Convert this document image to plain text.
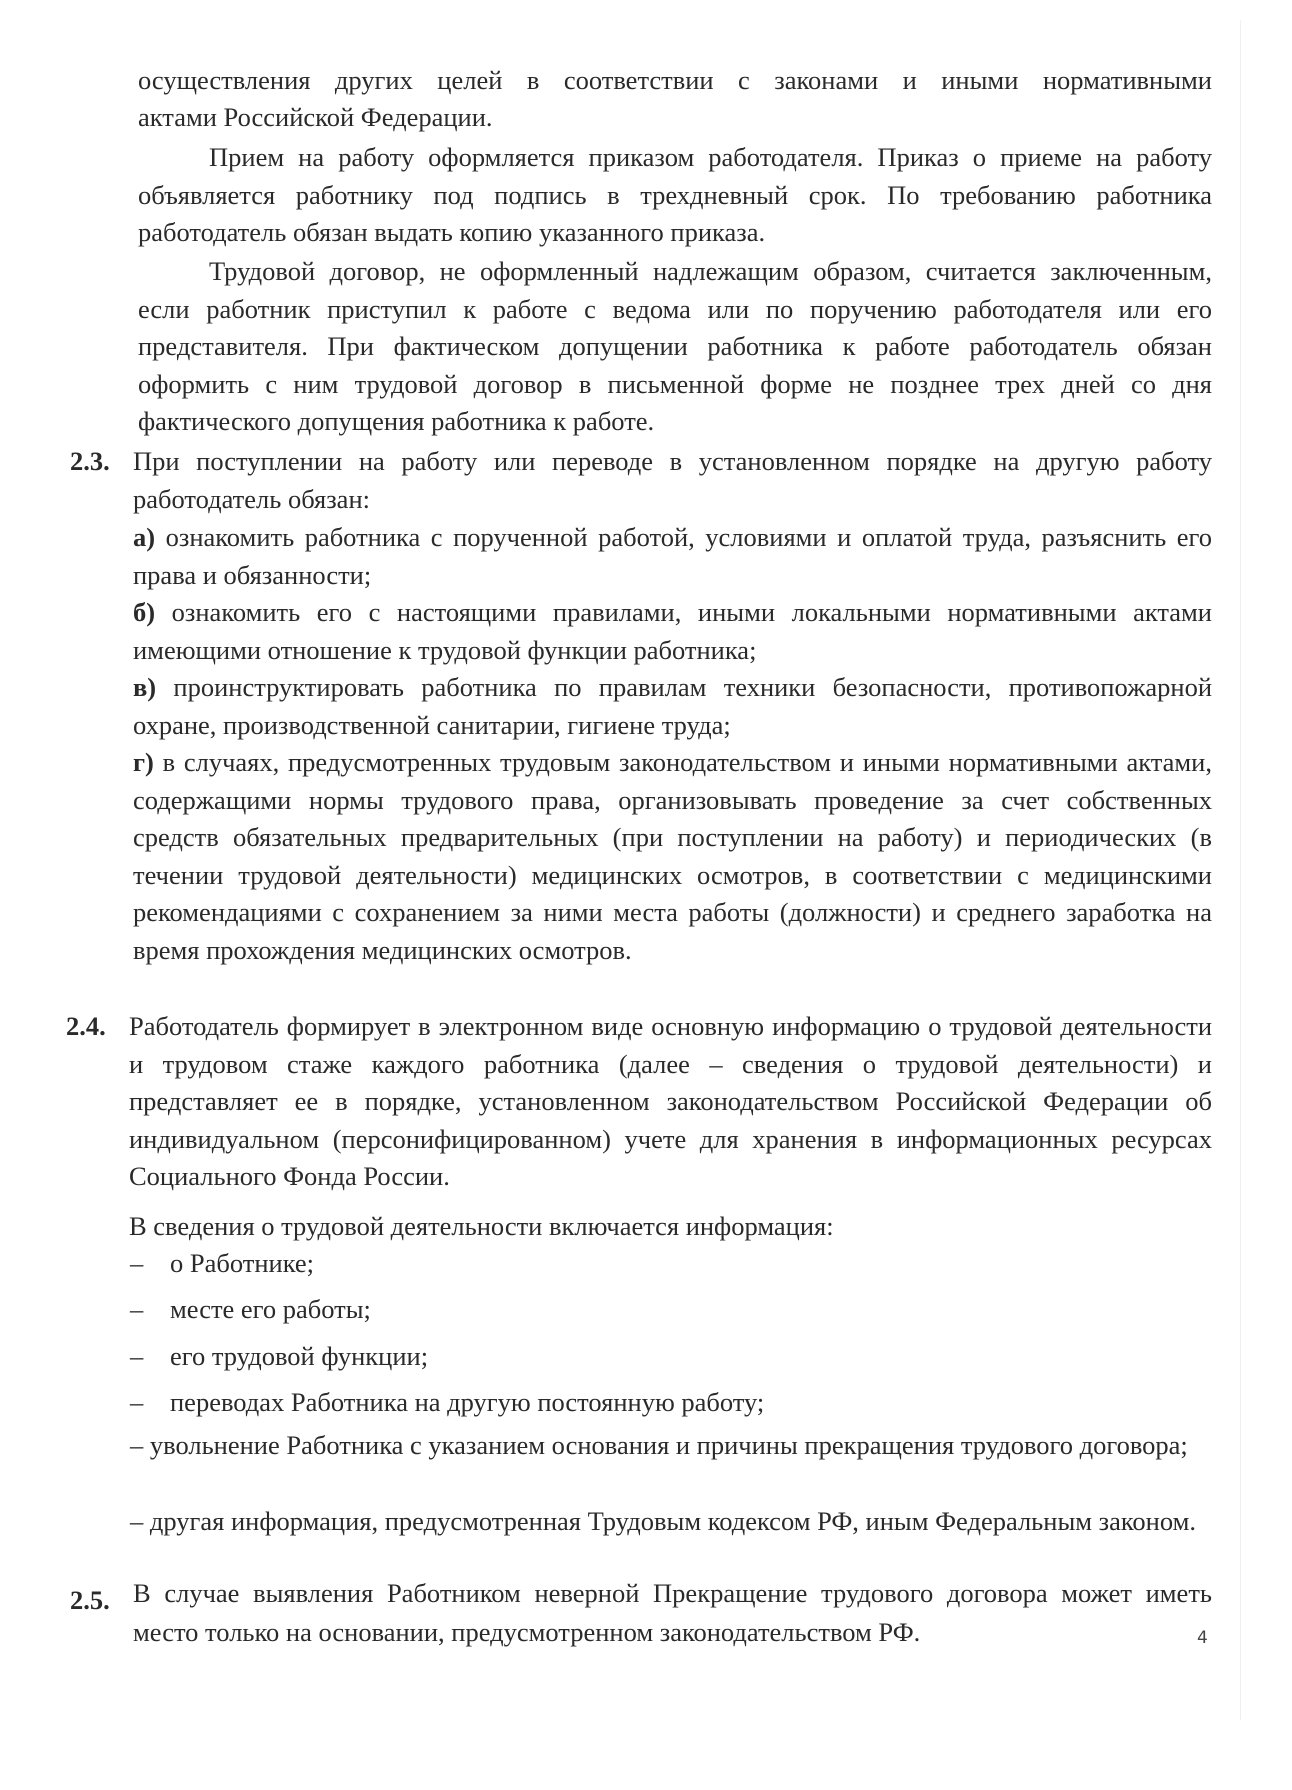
осуществления других целей в соответствии с законами и иными нормативными
актами Российской Федерации.

Прием на работу оформляется приказом работодателя. Приказ о приеме на работу объявляется работнику под подпись в трехдневный срок. По требованию работника работодатель обязан выдать копию указанного приказа.

Трудовой договор, не оформленный надлежащим образом, считается заключенным, если работник приступил к работе с ведома или по поручению работодателя или его представителя. При фактическом допущении работника к работе работодатель обязан оформить с ним трудовой договор в письменной форме не позднее трех дней со дня фактического допущения работника к работе.

2.3. При поступлении на работу или переводе в установленном порядке на другую работу работодатель обязан:

а) ознакомить работника с порученной работой, условиями и оплатой труда, разъяснить его права и обязанности;

б) ознакомить его с настоящими правилами, иными локальными нормативными актами имеющими отношение к трудовой функции работника;

в) проинструктировать работника по правилам техники безопасности, противопожарной охране, производственной санитарии, гигиене труда;

г) в случаях, предусмотренных трудовым законодательством и иными нормативными актами, содержащими нормы трудового права, организовывать проведение за счет собственных средств обязательных предварительных (при поступлении на работу) и периодических (в течении трудовой деятельности) медицинских осмотров, в соответствии с медицинскими рекомендациями с сохранением за ними места работы (должности) и среднего заработка на время прохождения медицинских осмотров.

2.4. Работодатель формирует в электронном виде основную информацию о трудовой деятельности и трудовом стаже каждого работника (далее – сведения о трудовой деятельности) и представляет ее в порядке, установленном законодательством Российской Федерации об индивидуальном (персонифицированном) учете для хранения в информационных ресурсах Социального Фонда России.

В сведения о трудовой деятельности включается информация:

– о Работнике;
– месте его работы;
– его трудовой функции;
– переводах Работника на другую постоянную работу;

– увольнение Работника с указанием основания и причины прекращения трудового договора;

– другая информация, предусмотренная Трудовым кодексом РФ, иным Федеральным законом.

2.5. В случае выявления Работником неверной Прекращение трудового договора может иметь место только на основании, предусмотренном законодательством РФ.	4
